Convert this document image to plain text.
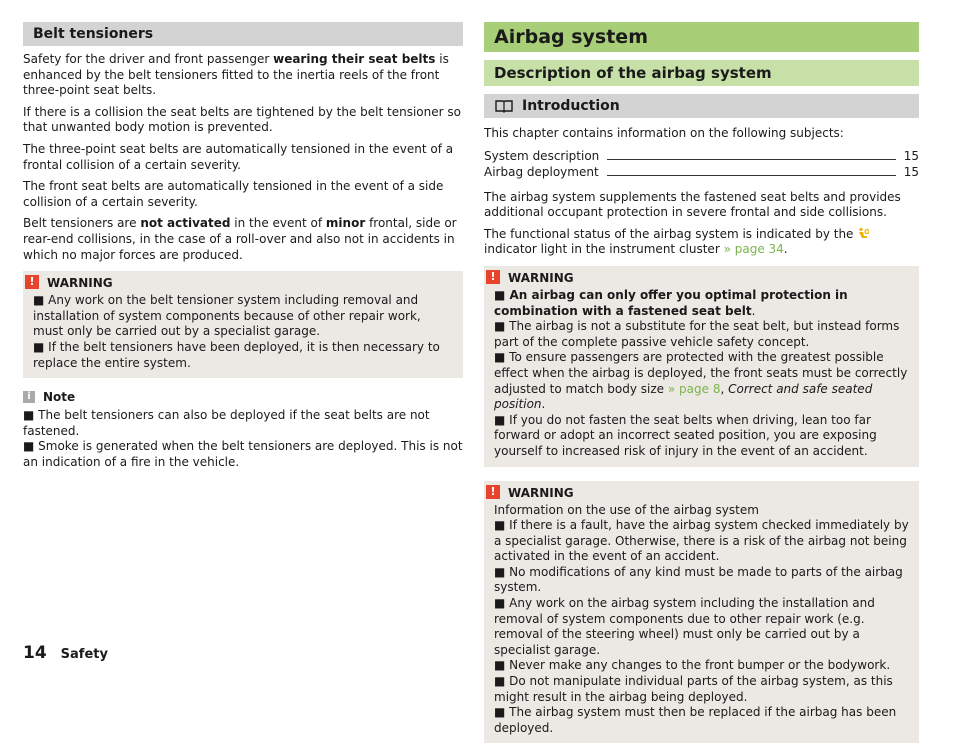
Belt tensioners

Safety for the driver and front passenger wearing their seat belts is enhanced by the belt tensioners fitted to the inertia reels of the front three-point seat belts.

If there is a collision the seat belts are tightened by the belt tensioner so that unwanted body motion is prevented.

The three-point seat belts are automatically tensioned in the event of a frontal collision of a certain severity.

The front seat belts are automatically tensioned in the event of a side collision of a certain severity.

Belt tensioners are not activated in the event of minor frontal, side or rear-end collisions, in the case of a roll-over and also not in accidents in which no major forces are produced.

!	WARNING
■ Any work on the belt tensioner system including removal and installation of system components because of other repair work, must only be carried out by a specialist garage.
■ If the belt tensioners have been deployed, it is then necessary to replace the entire system.
i	Note
■ The belt tensioners can also be deployed if the seat belts are not fastened.
■ Smoke is generated when the belt tensioners are deployed. This is not an indication of a fire in the vehicle.
Airbag system
Description of the airbag system
Introduction

This chapter contains information on the following subjects:

System description	15
Airbag deployment	15

The airbag system supplements the fastened seat belts and provides additional occupant protection in severe frontal and side collisions.

The functional status of the airbag system is indicated by the  indicator light in the instrument cluster » page 34.

!	WARNING
■ An airbag can only offer you optimal protection in combination with a fastened seat belt.
■ The airbag is not a substitute for the seat belt, but instead forms part of the complete passive vehicle safety concept.
■ To ensure passengers are protected with the greatest possible effect when the airbag is deployed, the front seats must be correctly adjusted to match body size » page 8, Correct and safe seated position.
■ If you do not fasten the seat belts when driving, lean too far forward or adopt an incorrect seated position, you are exposing yourself to increased risk of injury in the event of an accident.
!	WARNING
Information on the use of the airbag system
■ If there is a fault, have the airbag system checked immediately by a specialist garage. Otherwise, there is a risk of the airbag not being activated in the event of an accident.
■ No modifications of any kind must be made to parts of the airbag system.
■ Any work on the airbag system including the installation and removal of system components due to other repair work (e.g. removal of the steering wheel) must only be carried out by a specialist garage.
■ Never make any changes to the front bumper or the bodywork.
■ Do not manipulate individual parts of the airbag system, as this might result in the airbag being deployed.
■ The airbag system must then be replaced if the airbag has been deployed.
14 Safety
